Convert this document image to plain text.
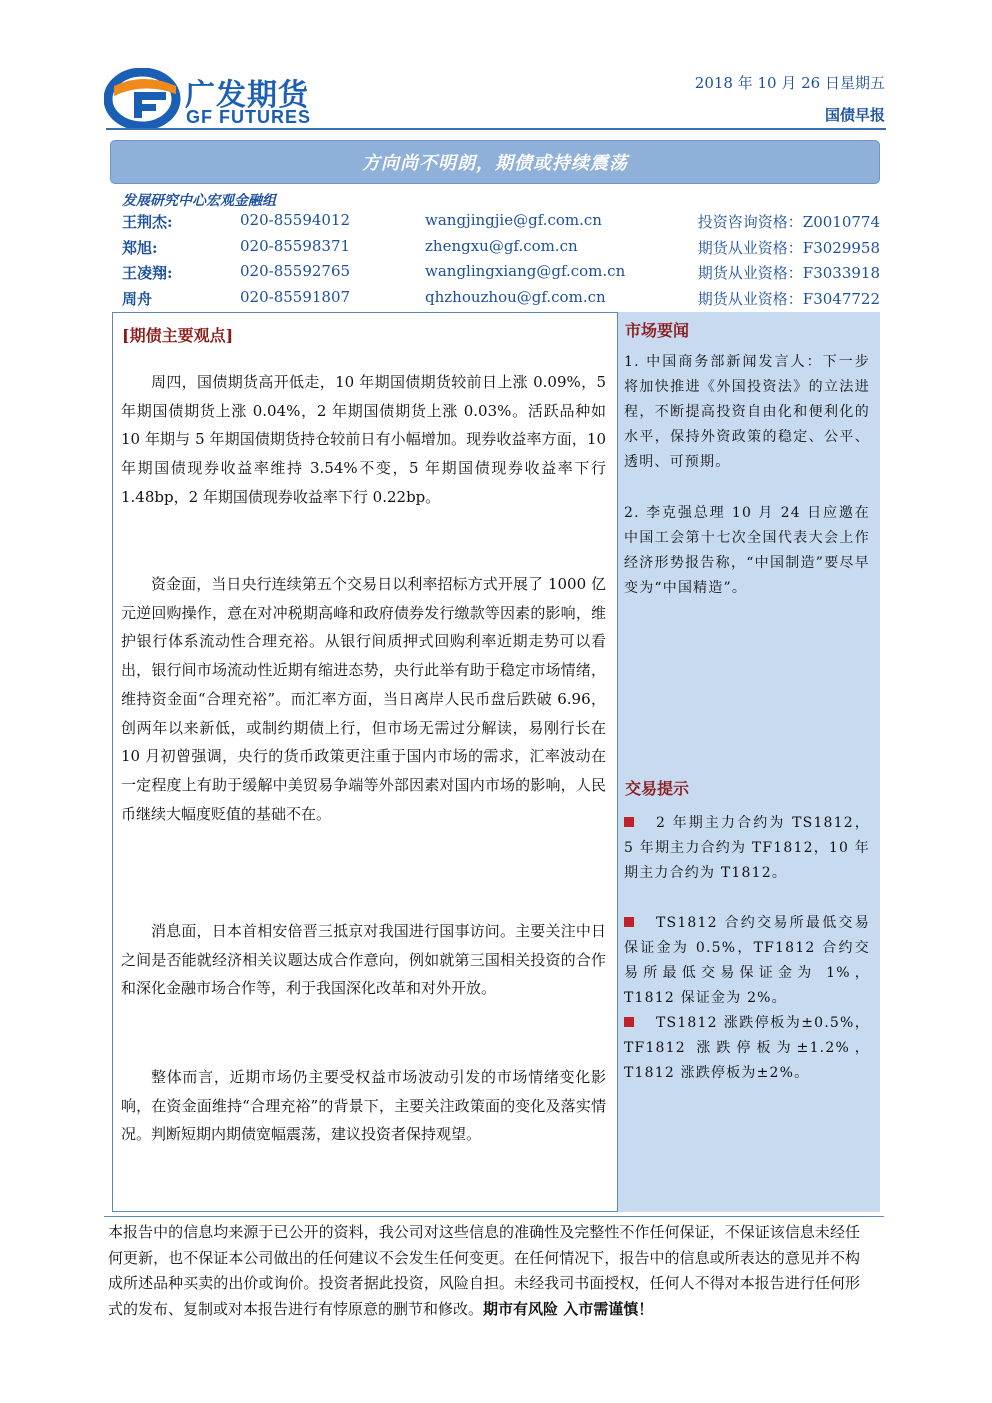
广发期货
GF FUTURES
2018 年 10 月 26 日星期五
国债早报
方向尚不明朗，期债或持续震荡
发展研究中心宏观金融组
王荆杰:	020-85594012	wangjingjie@gf.com.cn	投资咨询资格：Z0010774
郑旭:	020-85598371	zhengxu@gf.com.cn	期货从业资格：F3029958
王凌翔:	020-85592765	wanglingxiang@gf.com.cn	期货从业资格：F3033918
周舟	020-85591807	qhzhouzhou@gf.com.cn	期货从业资格：F3047722
[期债主要观点]

周四，国债期货高开低走，10 年期国债期货较前日上涨 0.09%，5 年期国债期货上涨 0.04%，2 年期国债期货上涨 0.03%。活跃品种如 10 年期与 5 年期国债期货持仓较前日有小幅增加。现券收益率方面，10 年期国债现券收益率维持 3.54%不变，5 年期国债现券收益率下行 1.48bp，2 年期国债现券收益率下行 0.22bp。

资金面，当日央行连续第五个交易日以利率招标方式开展了 1000 亿元逆回购操作，意在对冲税期高峰和政府债券发行缴款等因素的影响，维护银行体系流动性合理充裕。从银行间质押式回购利率近期走势可以看出，银行间市场流动性近期有缩进态势，央行此举有助于稳定市场情绪，维持资金面“合理充裕”。而汇率方面，当日离岸人民币盘后跌破 6.96，创两年以来新低，或制约期债上行，但市场无需过分解读，易刚行长在 10 月初曾强调，央行的货币政策更注重于国内市场的需求，汇率波动在一定程度上有助于缓解中美贸易争端等外部因素对国内市场的影响，人民币继续大幅度贬值的基础不在。

消息面，日本首相安倍晋三抵京对我国进行国事访问。主要关注中日之间是否能就经济相关议题达成合作意向，例如就第三国相关投资的合作和深化金融市场合作等，利于我国深化改革和对外开放。

整体而言，近期市场仍主要受权益市场波动引发的市场情绪变化影响，在资金面维持“合理充裕”的背景下，主要关注政策面的变化及落实情况。判断短期内期债宽幅震荡，建议投资者保持观望。

市场要闻

1. 中国商务部新闻发言人：下一步将加快推进《外国投资法》的立法进程，不断提高投资自由化和便利化的水平，保持外资政策的稳定、公平、透明、可预期。

2. 李克强总理 10 月 24 日应邀在中国工会第十七次全国代表大会上作经济形势报告称，“中国制造”要尽早变为“中国精造”。

交易提示

2 年期主力合约为 TS1812，5 年期主力合约为 TF1812，10 年期主力合约为 T1812。

TS1812 合约交易所最低交易保证金为 0.5%，TF1812 合约交易所最低交易保证金为 1%，T1812 保证金为 2%。

TS1812 涨跌停板为±0.5%，TF1812 涨跌停板为±1.2%，T1812 涨跌停板为±2%。

本报告中的信息均来源于已公开的资料，我公司对这些信息的准确性及完整性不作任何保证，不保证该信息未经任何更新，也不保证本公司做出的任何建议不会发生任何变更。在任何情况下，报告中的信息或所表达的意见并不构成所述品种买卖的出价或询价。投资者据此投资，风险自担。未经我司书面授权，任何人不得对本报告进行任何形式的发布、复制或对本报告进行有悖原意的删节和修改。期市有风险 入市需谨慎！
